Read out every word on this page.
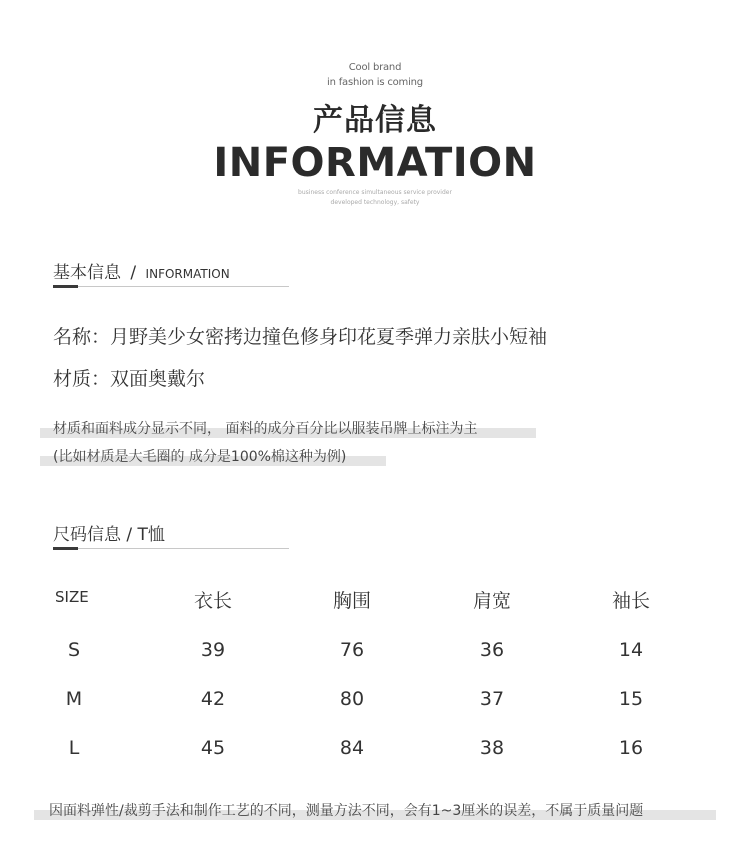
Cool brand
in fashion is coming
产品信息
INFORMATION
business conference simultaneous service provider
developed technology, safety
基本信息 / INFORMATION
名称：月野美少女密拷边撞色修身印花夏季弹力亲肤小短袖
材质：双面奥戴尔
材质和面料成分显示不同， 面料的成分百分比以服装吊牌上标注为主
(比如材质是大毛圈的 成分是100%棉这种为例)
尺码信息 / T恤
SIZE	衣长	胸围	肩宽	袖长
S	39	76	36	14
M	42	80	37	15
L	45	84	38	16
因面料弹性/裁剪手法和制作工艺的不同，测量方法不同，会有1~3厘米的误差，不属于质量问题
